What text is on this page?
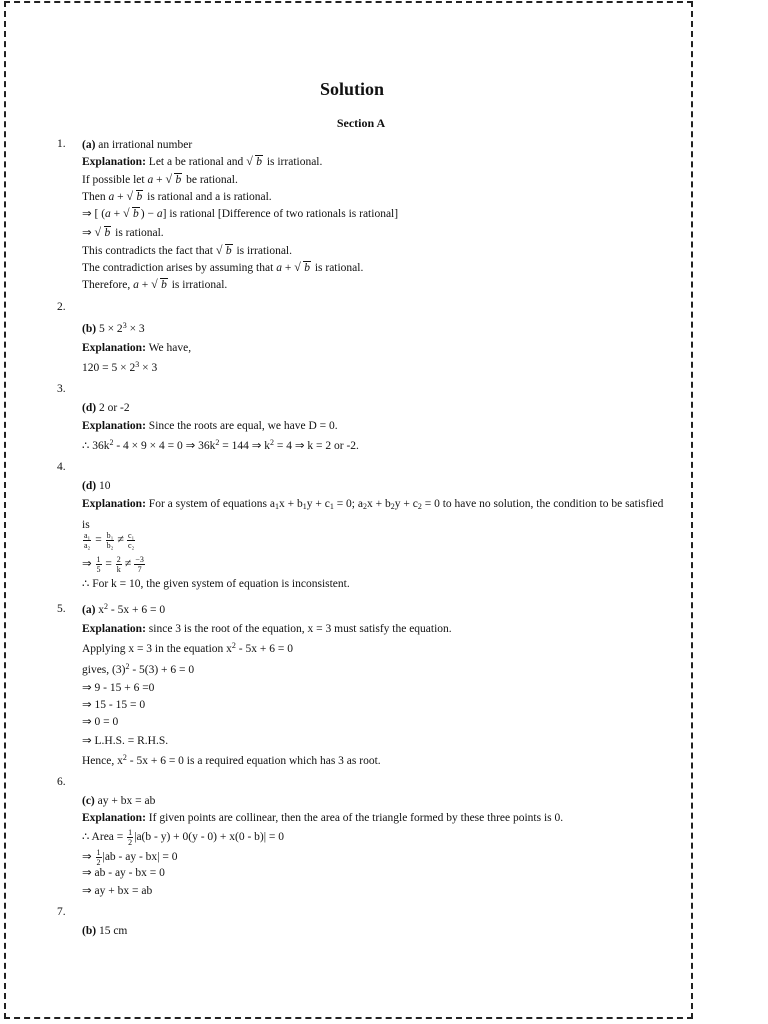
Solution
Section A
1. (a) an irrational number
Explanation: Let a be rational and √ b is irrational.
If possible let a + √ b be rational.
Then a + √ b is rational and a is rational.
⇒ [ (a + √ b ) − a] is rational [Difference of two rationals is rational]
⇒ √ b is rational.
This contradicts the fact that √ b is irrational.
The contradiction arises by assuming that a + √ b is rational.
Therefore, a + √ b is irrational.
2.
(b) $5 \times 2^3 \times 3$
Explanation: We have,
$120 = 5 \times 2^3 \times 3$
3.
(d) 2 or -2
Explanation: Since the roots are equal, we have D = 0.
∴ $36k^2 - 4 \times 9 \times 4 = 0$ ⇒ $36k^2 = 144$ ⇒ $k^2 = 4$ ⇒ k = 2 or -2.
4.
(d) 10
Explanation: For a system of equations $a_1x + b_1y + c_1 = 0$; $a_2x + b_2y + c_2 = 0$ to have no solution, the condition to be satisfied
is
$\frac{\text{a₁}}{\text{a₂}} = \frac{\text{b₁}}{\text{b₂}} \ne \frac{\text{c₁}}{\text{c₂}}$
⇒ $\frac{1}{5} = \frac{2}{k} \ne \frac{-3}{7}$
∴ For k = 10, the given system of equation is inconsistent.
5. (a) $x^2 - 5x + 6 = 0$
Explanation: since 3 is the root of the equation, x = 3 must satisfy the equation.
Applying x = 3 in the equation $x^2 - 5x + 6 = 0$
gives, $(3)^2 - 5(3) + 6 = 0$
⇒ 9 - 15 + 6 =0
⇒ 15 - 15 = 0
⇒ 0 = 0
⇒ L.H.S. = R.H.S.
Hence, $x^2 - 5x + 6 = 0$ is a required equation which has 3 as root.
6.
(c) ay + bx = ab
Explanation: If given points are collinear, then the area of the triangle formed by these three points is 0.
∴ Area = $\frac{1}{2} |a(b - y) + 0(y - 0) + x(0 - b)| = 0$
⇒ $\frac{1}{2} |ab$ - ay - bx| = 0
⇒ ab - ay - bx = 0
⇒ ay + bx = ab
7.
(b) 15 cm
